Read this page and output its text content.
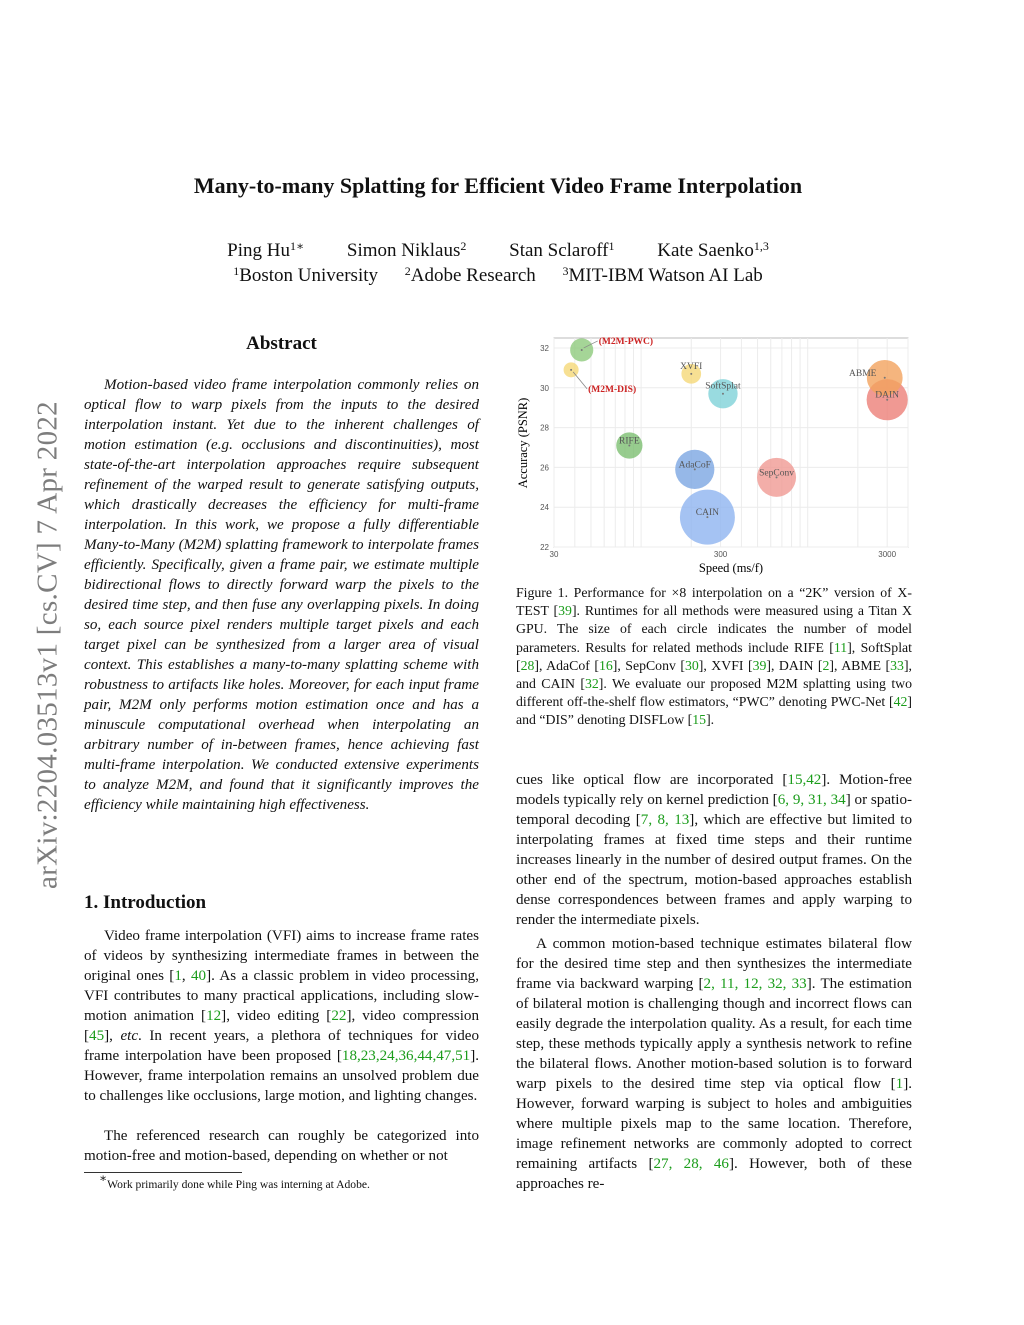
arXiv:2204.03513v1 [cs.CV] 7 Apr 2022
Many-to-many Splatting for Efficient Video Frame Interpolation
Ping $Hu^{1∗}$ Simon Niklaus$^2$ Stan Sclaroff$^1$ Kate Saenko$^{1,3}$
$^1$Boston University $^2$Adobe Research $^3$MIT-IBM Watson AI Lab
Abstract
Motion-based video frame interpolation commonly relies on optical flow to warp pixels from the inputs to the desired interpolation instant. Yet due to the inherent challenges of motion estimation (e.g. occlusions and discontinuities), most state-of-the-art interpolation approaches require subsequent refinement of the warped result to generate satisfying outputs, which drastically decreases the efficiency for multi-frame interpolation. In this work, we propose a fully differentiable Many-to-Many (M2M) splatting framework to interpolate frames efficiently. Specifically, given a frame pair, we estimate multiple bidirectional flows to directly forward warp the pixels to the desired time step, and then fuse any overlapping pixels. In doing so, each source pixel renders multiple target pixels and each target pixel can be synthesized from a larger area of visual context. This establishes a many-to-many splatting scheme with robustness to artifacts like holes. Moreover, for each input frame pair, M2M only performs motion estimation once and has a minuscule computational overhead when interpolating an arbitrary number of in-between frames, hence achieving fast multi-frame interpolation. We conducted extensive experiments to analyze M2M, and found that it significantly improves the efficiency while maintaining high effectiveness.
1. Introduction
Video frame interpolation (VFI) aims to increase frame rates of videos by synthesizing intermediate frames in between the original ones [1, 40]. As a classic problem in video processing, VFI contributes to many practical applications, including slow-motion animation [12], video editing [22], video compression [45], etc. In recent years, a plethora of techniques for video frame interpolation have been proposed [18,23,24,36,44,47,51]. However, frame interpolation remains an unsolved problem due to challenges like occlusions, large motion, and lighting changes.
The referenced research can roughly be categorized into motion-free and motion-based, depending on whether or not
∗Work primarily done while Ping was interning at Adobe.
(M2M-PWC)
(M2M-DIS)
XVFI
SoftSplat
ABME
DAIN
RIFE
AdaCoF
SepConv
CAIN
22
24
26
28
30
32
30	300	3000
Speed (ms/f)
Accuracy (PSNR)
Figure 1. Performance for ×8 interpolation on a “2K” version of X-TEST [39]. Runtimes for all methods were measured using a Titan X GPU. The size of each circle indicates the number of model parameters. Results for related methods include RIFE [11], SoftSplat [28], AdaCof [16], SepConv [30], XVFI [39], DAIN [2], ABME [33], and CAIN [32]. We evaluate our proposed M2M splatting using two different off-the-shelf flow estimators, “PWC” denoting PWC-Net [42] and “DIS” denoting DISFLow [15].
cues like optical flow are incorporated [15,42]. Motion-free models typically rely on kernel prediction [6, 9, 31, 34] or spatio-temporal decoding [7, 8, 13], which are effective but limited to interpolating frames at fixed time steps and their runtime increases linearly in the number of desired output frames. On the other end of the spectrum, motion-based approaches establish dense correspondences between frames and apply warping to render the intermediate pixels.
A common motion-based technique estimates bilateral flow for the desired time step and then synthesizes the intermediate frame via backward warping [2, 11, 12, 32, 33]. The estimation of bilateral motion is challenging though and incorrect flows can easily degrade the interpolation quality. As a result, for each time step, these methods typically apply a synthesis network to refine the bilateral flows. Another motion-based solution is to forward warp pixels to the desired time step via optical flow [1]. However, forward warping is subject to holes and ambiguities where multiple pixels map to the same location. Therefore, image refinement networks are commonly adopted to correct remaining artifacts [27, 28, 46]. However, both of these approaches re-
